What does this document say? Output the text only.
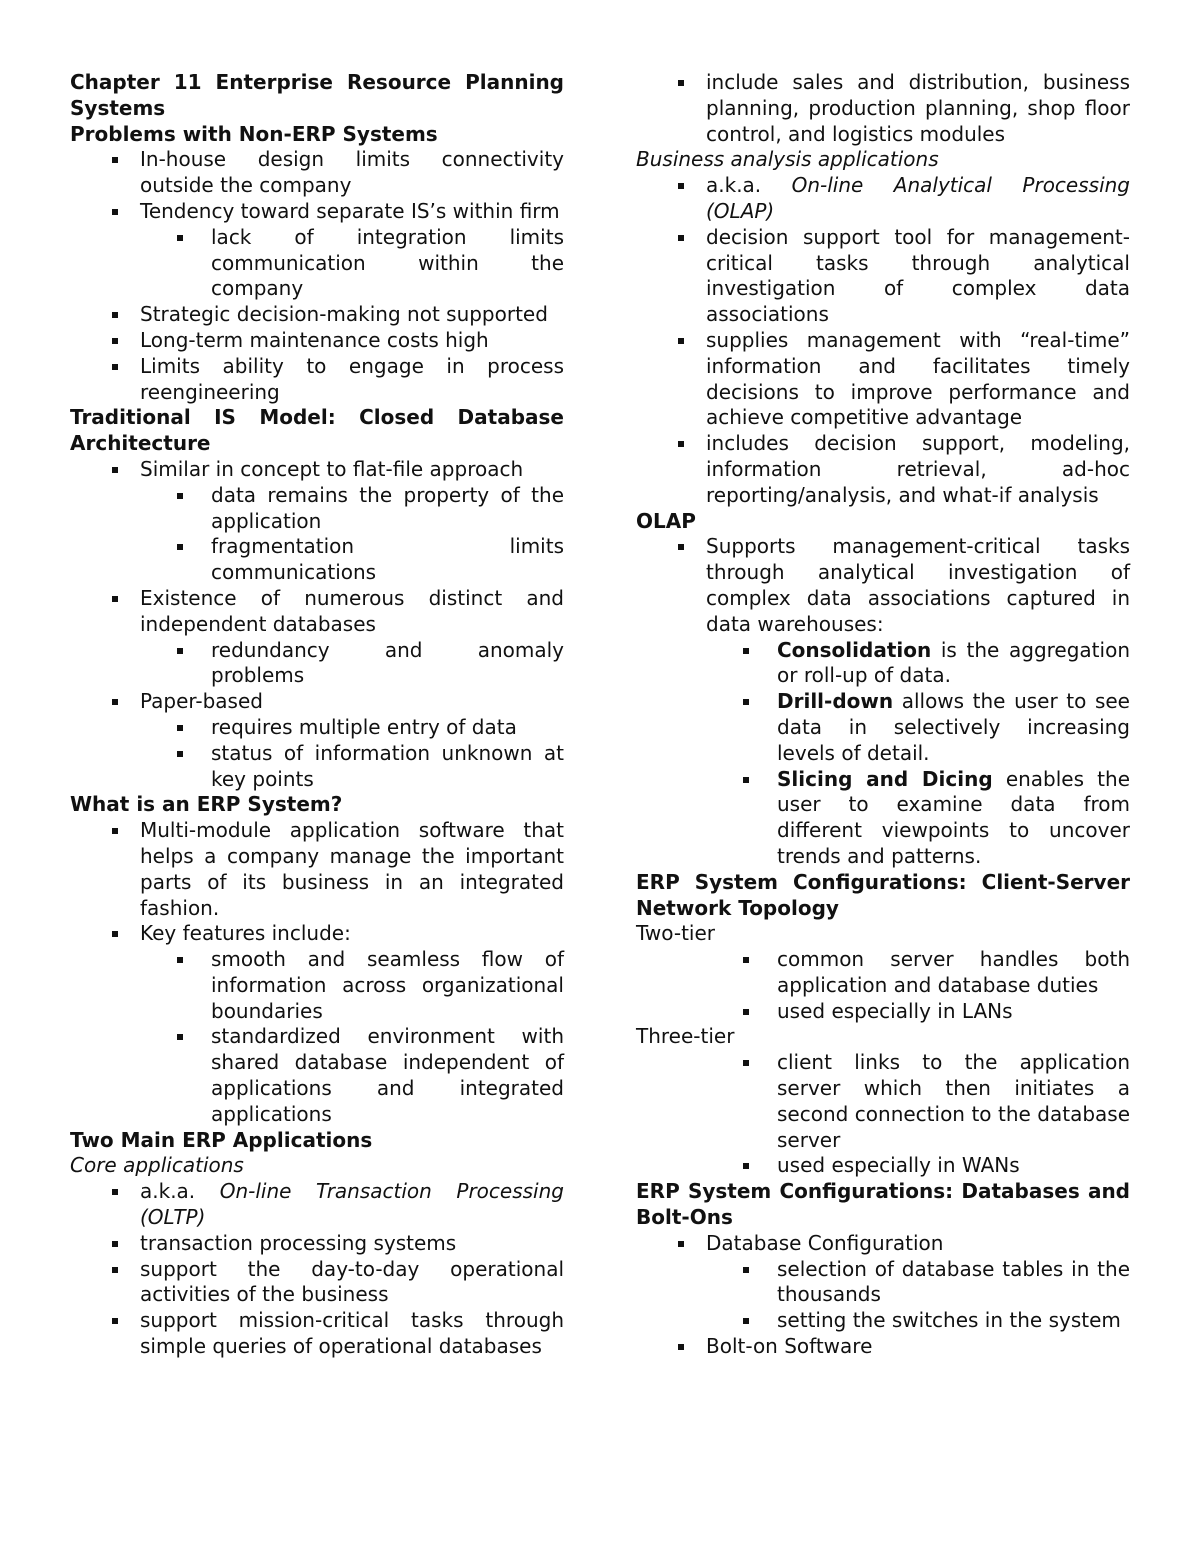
Chapter 11 Enterprise Resource Planning Systems
Problems with Non-ERP Systems
In-house design limits connectivity outside the company
Tendency toward separate IS’s within firm
lack of integration limits communication within the company
Strategic decision-making not supported
Long-term maintenance costs high
Limits ability to engage in process reengineering
Traditional IS Model: Closed Database Architecture
Similar in concept to flat-file approach
data remains the property of the application
fragmentation limits communications
Existence of numerous distinct and independent databases
redundancy and anomaly problems
Paper-based
requires multiple entry of data
status of information unknown at key points
What is an ERP System?
Multi-module application software that helps a company manage the important parts of its business in an integrated fashion.
Key features include:
smooth and seamless flow of information across organizational boundaries
standardized environment with shared database independent of applications and integrated applications
Two Main ERP Applications
Core applications
a.k.a. On-line Transaction Processing (OLTP)
transaction processing systems
support the day-to-day operational activities of the business
support mission-critical tasks through simple queries of operational databases
include sales and distribution, business planning, production planning, shop floor control, and logistics modules
Business analysis applications
a.k.a. On-line Analytical Processing (OLAP)
decision support tool for management-critical tasks through analytical investigation of complex data associations
supplies management with “real-time” information and facilitates timely decisions to improve performance and achieve competitive advantage
includes decision support, modeling, information retrieval, ad-hoc reporting/analysis, and what-if analysis
OLAP
Supports management-critical tasks through analytical investigation of complex data associations captured in data warehouses:
Consolidation is the aggregation or roll-up of data.
Drill-down allows the user to see data in selectively increasing levels of detail.
Slicing and Dicing enables the user to examine data from different viewpoints to uncover trends and patterns.
ERP System Configurations: Client-Server Network Topology
Two-tier
common server handles both application and database duties
used especially in LANs
Three-tier
client links to the application server which then initiates a second connection to the database server
used especially in WANs
ERP System Configurations: Databases and Bolt-Ons
Database Configuration
selection of database tables in the thousands
setting the switches in the system
Bolt-on Software
